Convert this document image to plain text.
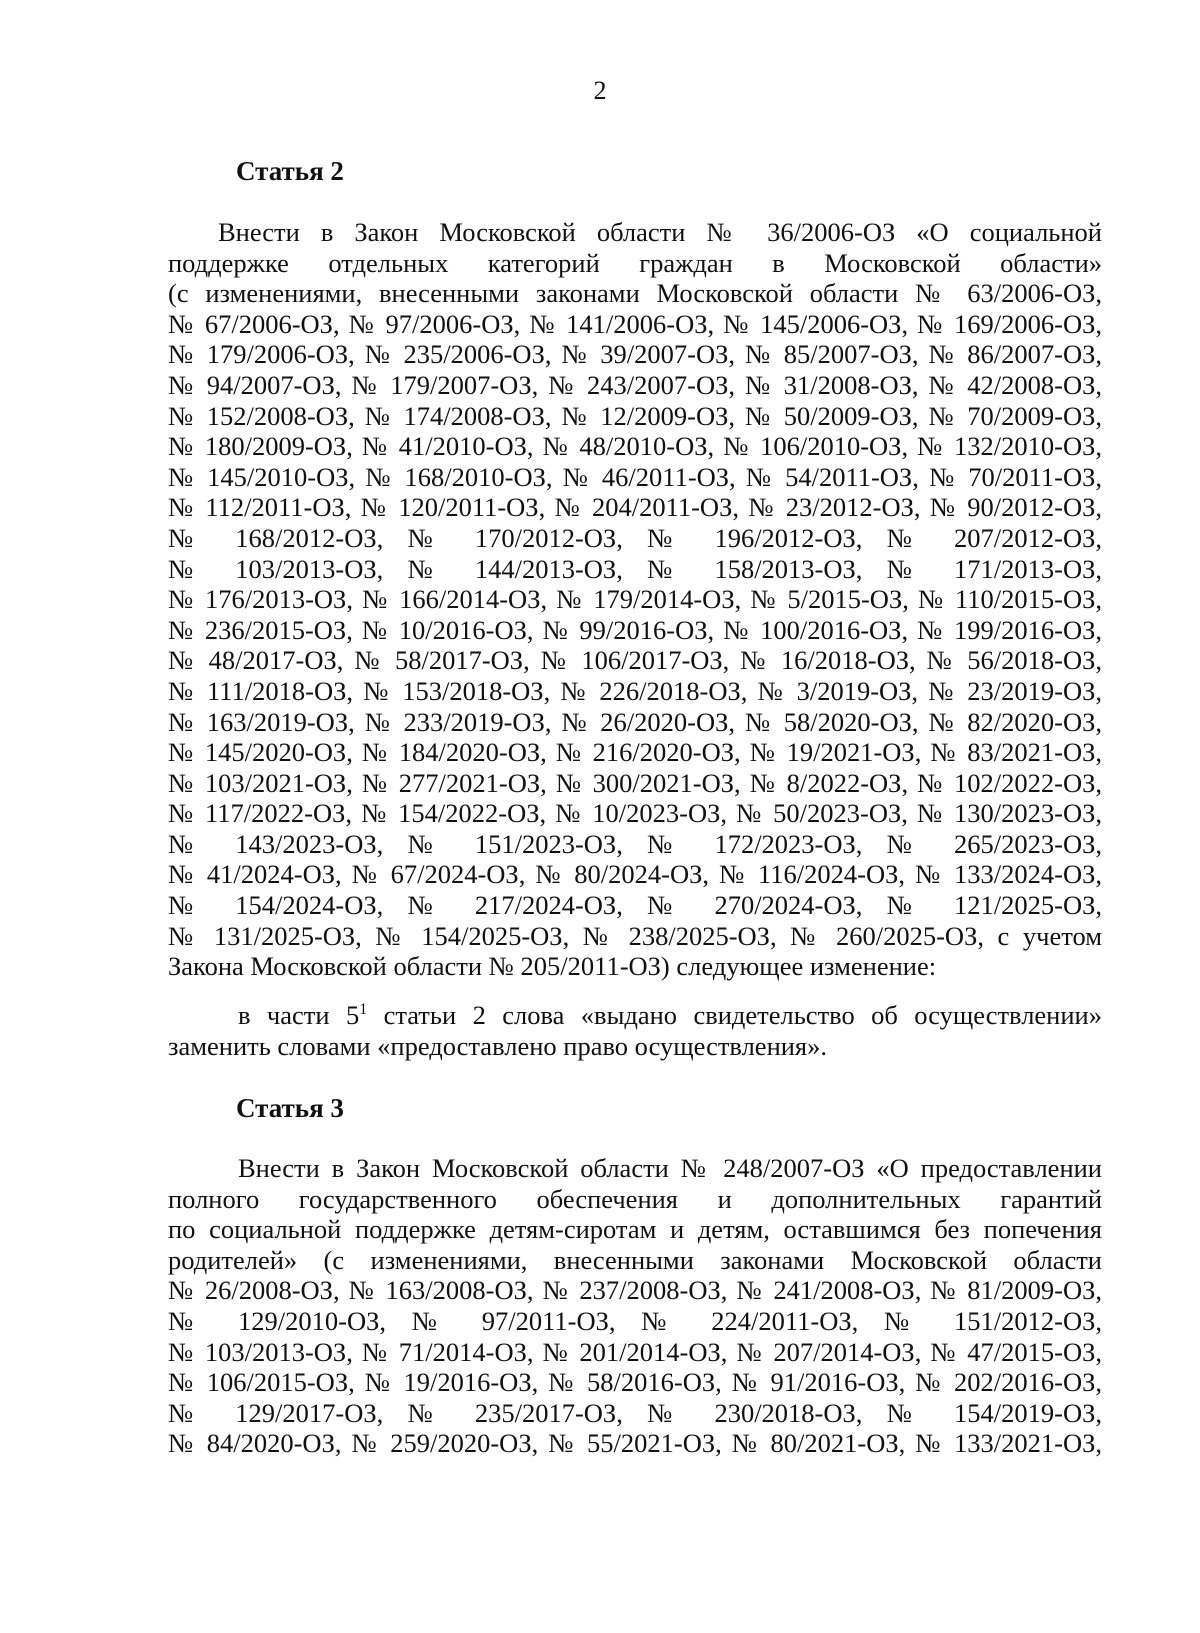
2
Статья 2
Внести в Закон Московской области № 36/2006-ОЗ «О социальной
поддержке отдельных категорий граждан в Московской области»
(с изменениями, внесенными законами Московской области № 63/2006-ОЗ,
№ 67/2006-ОЗ, № 97/2006-ОЗ, № 141/2006-ОЗ, № 145/2006-ОЗ, № 169/2006-ОЗ,
№ 179/2006-ОЗ, № 235/2006-ОЗ, № 39/2007-ОЗ, № 85/2007-ОЗ, № 86/2007-ОЗ,
№ 94/2007-ОЗ, № 179/2007-ОЗ, № 243/2007-ОЗ, № 31/2008-ОЗ, № 42/2008-ОЗ,
№ 152/2008-ОЗ, № 174/2008-ОЗ, № 12/2009-ОЗ, № 50/2009-ОЗ, № 70/2009-ОЗ,
№ 180/2009-ОЗ, № 41/2010-ОЗ, № 48/2010-ОЗ, № 106/2010-ОЗ, № 132/2010-ОЗ,
№ 145/2010-ОЗ, № 168/2010-ОЗ, № 46/2011-ОЗ, № 54/2011-ОЗ, № 70/2011-ОЗ,
№ 112/2011-ОЗ, № 120/2011-ОЗ, № 204/2011-ОЗ, № 23/2012-ОЗ, № 90/2012-ОЗ,
№ 168/2012-ОЗ, № 170/2012-ОЗ, № 196/2012-ОЗ, № 207/2012-ОЗ,
№ 103/2013-ОЗ, № 144/2013-ОЗ, № 158/2013-ОЗ, № 171/2013-ОЗ,
№ 176/2013-ОЗ, № 166/2014-ОЗ, № 179/2014-ОЗ, № 5/2015-ОЗ, № 110/2015-ОЗ,
№ 236/2015-ОЗ, № 10/2016-ОЗ, № 99/2016-ОЗ, № 100/2016-ОЗ, № 199/2016-ОЗ,
№ 48/2017-ОЗ, № 58/2017-ОЗ, № 106/2017-ОЗ, № 16/2018-ОЗ, № 56/2018-ОЗ,
№ 111/2018-ОЗ, № 153/2018-ОЗ, № 226/2018-ОЗ, № 3/2019-ОЗ, № 23/2019-ОЗ,
№ 163/2019-ОЗ, № 233/2019-ОЗ, № 26/2020-ОЗ, № 58/2020-ОЗ, № 82/2020-ОЗ,
№ 145/2020-ОЗ, № 184/2020-ОЗ, № 216/2020-ОЗ, № 19/2021-ОЗ, № 83/2021-ОЗ,
№ 103/2021-ОЗ, № 277/2021-ОЗ, № 300/2021-ОЗ, № 8/2022-ОЗ, № 102/2022-ОЗ,
№ 117/2022-ОЗ, № 154/2022-ОЗ, № 10/2023-ОЗ, № 50/2023-ОЗ, № 130/2023-ОЗ,
№ 143/2023-ОЗ, № 151/2023-ОЗ, № 172/2023-ОЗ, № 265/2023-ОЗ,
№ 41/2024-ОЗ, № 67/2024-ОЗ, № 80/2024-ОЗ, № 116/2024-ОЗ, № 133/2024-ОЗ,
№ 154/2024-ОЗ, № 217/2024-ОЗ, № 270/2024-ОЗ, № 121/2025-ОЗ,
№ 131/2025-ОЗ, № 154/2025-ОЗ, № 238/2025-ОЗ, № 260/2025-ОЗ, с учетом
Закона Московской области № 205/2011-ОЗ) следующее изменение:
в части $5^1$ статьи 2 слова «выдано свидетельство об осуществлении»
заменить словами «предоставлено право осуществления».
Статья 3
Внести в Закон Московской области № 248/2007-ОЗ «О предоставлении
полного государственного обеспечения и дополнительных гарантий
по социальной поддержке детям-сиротам и детям, оставшимся без попечения
родителей» (с изменениями, внесенными законами Московской области
№ 26/2008-ОЗ, № 163/2008-ОЗ, № 237/2008-ОЗ, № 241/2008-ОЗ, № 81/2009-ОЗ,
№ 129/2010-ОЗ, № 97/2011-ОЗ, № 224/2011-ОЗ, № 151/2012-ОЗ,
№ 103/2013-ОЗ, № 71/2014-ОЗ, № 201/2014-ОЗ, № 207/2014-ОЗ, № 47/2015-ОЗ,
№ 106/2015-ОЗ, № 19/2016-ОЗ, № 58/2016-ОЗ, № 91/2016-ОЗ, № 202/2016-ОЗ,
№ 129/2017-ОЗ, № 235/2017-ОЗ, № 230/2018-ОЗ, № 154/2019-ОЗ,
№ 84/2020-ОЗ, № 259/2020-ОЗ, № 55/2021-ОЗ, № 80/2021-ОЗ, № 133/2021-ОЗ,
